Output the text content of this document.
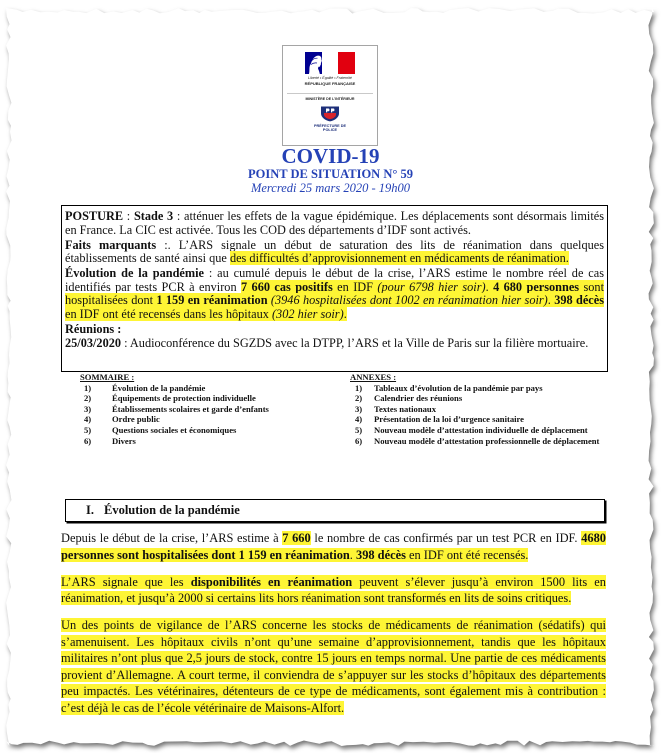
Liberté • Égalité • Fraternité
RÉPUBLIQUE FRANÇAISE
MINISTÈRE DE L’INTÉRIEUR
PRÉFECTURE DE POLICE
COVID-19
POINT DE SITUATION N° 59
Mercredi 25 mars 2020 - 19h00

POSTURE : Stade 3 : atténuer les effets de la vague épidémique. Les déplacements sont désormais limités en France. La CIC est activée. Tous les COD des départements d’IDF sont activés.

Faits marquants :. L’ARS signale un début de saturation des lits de réanimation dans quelques établissements de santé ainsi que des difficultés d’approvisionnement en médicaments de réanimation.

Évolution de la pandémie : au cumulé depuis le début de la crise, l’ARS estime le nombre réel de cas identifiés par tests PCR à environ 7 660 cas positifs en IDF (pour 6798 hier soir). 4 680 personnes sont hospitalisées dont 1 159 en réanimation (3946 hospitalisées dont 1002 en réanimation hier soir). 398 décès en IDF ont été recensés dans les hôpitaux (302 hier soir).

Réunions :

25/03/2020 : Audioconférence du SGZDS avec la DTPP, l’ARS et la Ville de Paris sur la filière mortuaire.

SOMMAIRE :
1)	Évolution de la pandémie
2)	Équipements de protection individuelle
3)	Établissements scolaires et garde d’enfants
4)	Ordre public
5)	Questions sociales et économiques
6)	Divers
ANNEXES :
1)	Tableaux d’évolution de la pandémie par pays
2)	Calendrier des réunions
3)	Textes nationaux
4)	Présentation de la loi d’urgence sanitaire
5)	Nouveau modèle d’attestation individuelle de déplacement
6)	Nouveau modèle d’attestation professionnelle de déplacement
I. Évolution de la pandémie

Depuis le début de la crise, l’ARS estime à 7 660 le nombre de cas confirmés par un test PCR en IDF. 4680 personnes sont hospitalisées dont 1 159 en réanimation. 398 décès en IDF ont été recensés.

L’ARS signale que les disponibilités en réanimation peuvent s’élever jusqu’à environ 1500 lits en réanimation, et jusqu’à 2000 si certains lits hors réanimation sont transformés en lits de soins critiques.

Un des points de vigilance de l’ARS concerne les stocks de médicaments de réanimation (sédatifs) qui s’amenuisent. Les hôpitaux civils n’ont qu’une semaine d’approvisionnement, tandis que les hôpitaux militaires n’ont plus que 2,5 jours de stock, contre 15 jours en temps normal. Une partie de ces médicaments provient d’Allemagne. A court terme, il conviendra de s’appuyer sur les stocks d’hôpitaux des départements peu impactés. Les vétérinaires, détenteurs de ce type de médicaments, sont également mis à contribution : c’est déjà le cas de l’école vétérinaire de Maisons-Alfort.
